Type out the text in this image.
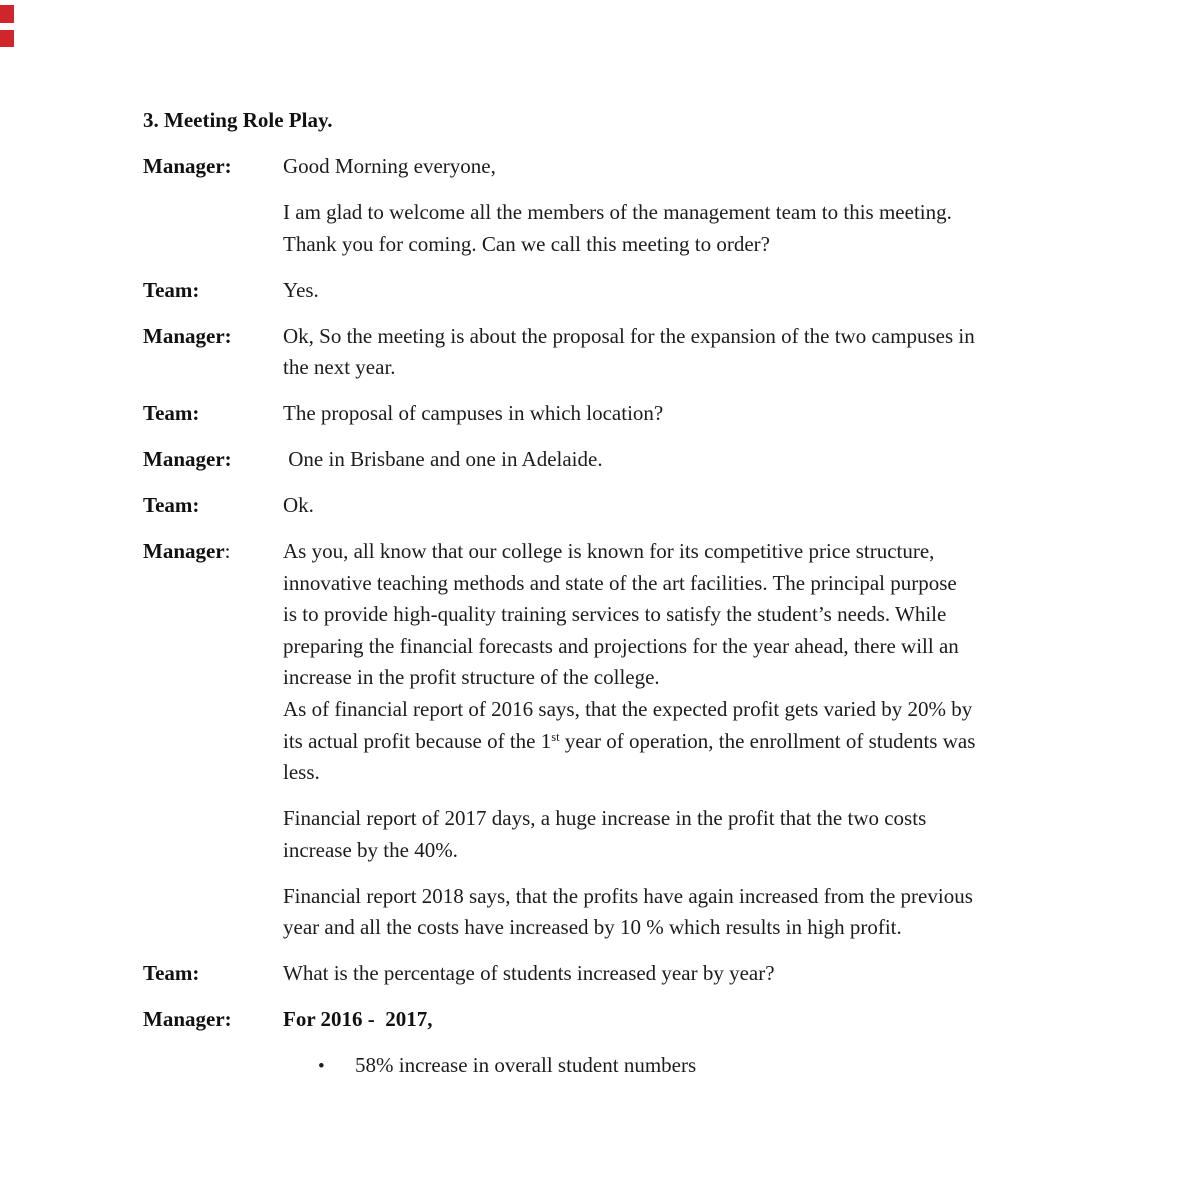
3. Meeting Role Play.
Manager:	Good Morning everyone,
I am glad to welcome all the members of the management team to this meeting.
Thank you for coming. Can we call this meeting to order?
Team:	Yes.
Manager:	Ok, So the meeting is about the proposal for the expansion of the two campuses in
the next year.
Team:	The proposal of campuses in which location?
Manager:	One in Brisbane and one in Adelaide.
Team:	Ok.
Manager:	As you, all know that our college is known for its competitive price structure,
innovative teaching methods and state of the art facilities. The principal purpose
is to provide high-quality training services to satisfy the student’s needs. While
preparing the financial forecasts and projections for the year ahead, there will an
increase in the profit structure of the college.
As of financial report of 2016 says, that the expected profit gets varied by 20% by
its actual profit because of the 1st year of operation, the enrollment of students was
less.
Financial report of 2017 days, a huge increase in the profit that the two costs
increase by the 40%.
Financial report 2018 says, that the profits have again increased from the previous
year and all the costs have increased by 10 % which results in high profit.
Team:	What is the percentage of students increased year by year?
Manager:	For 2016 -  2017,
• 58% increase in overall student numbers
